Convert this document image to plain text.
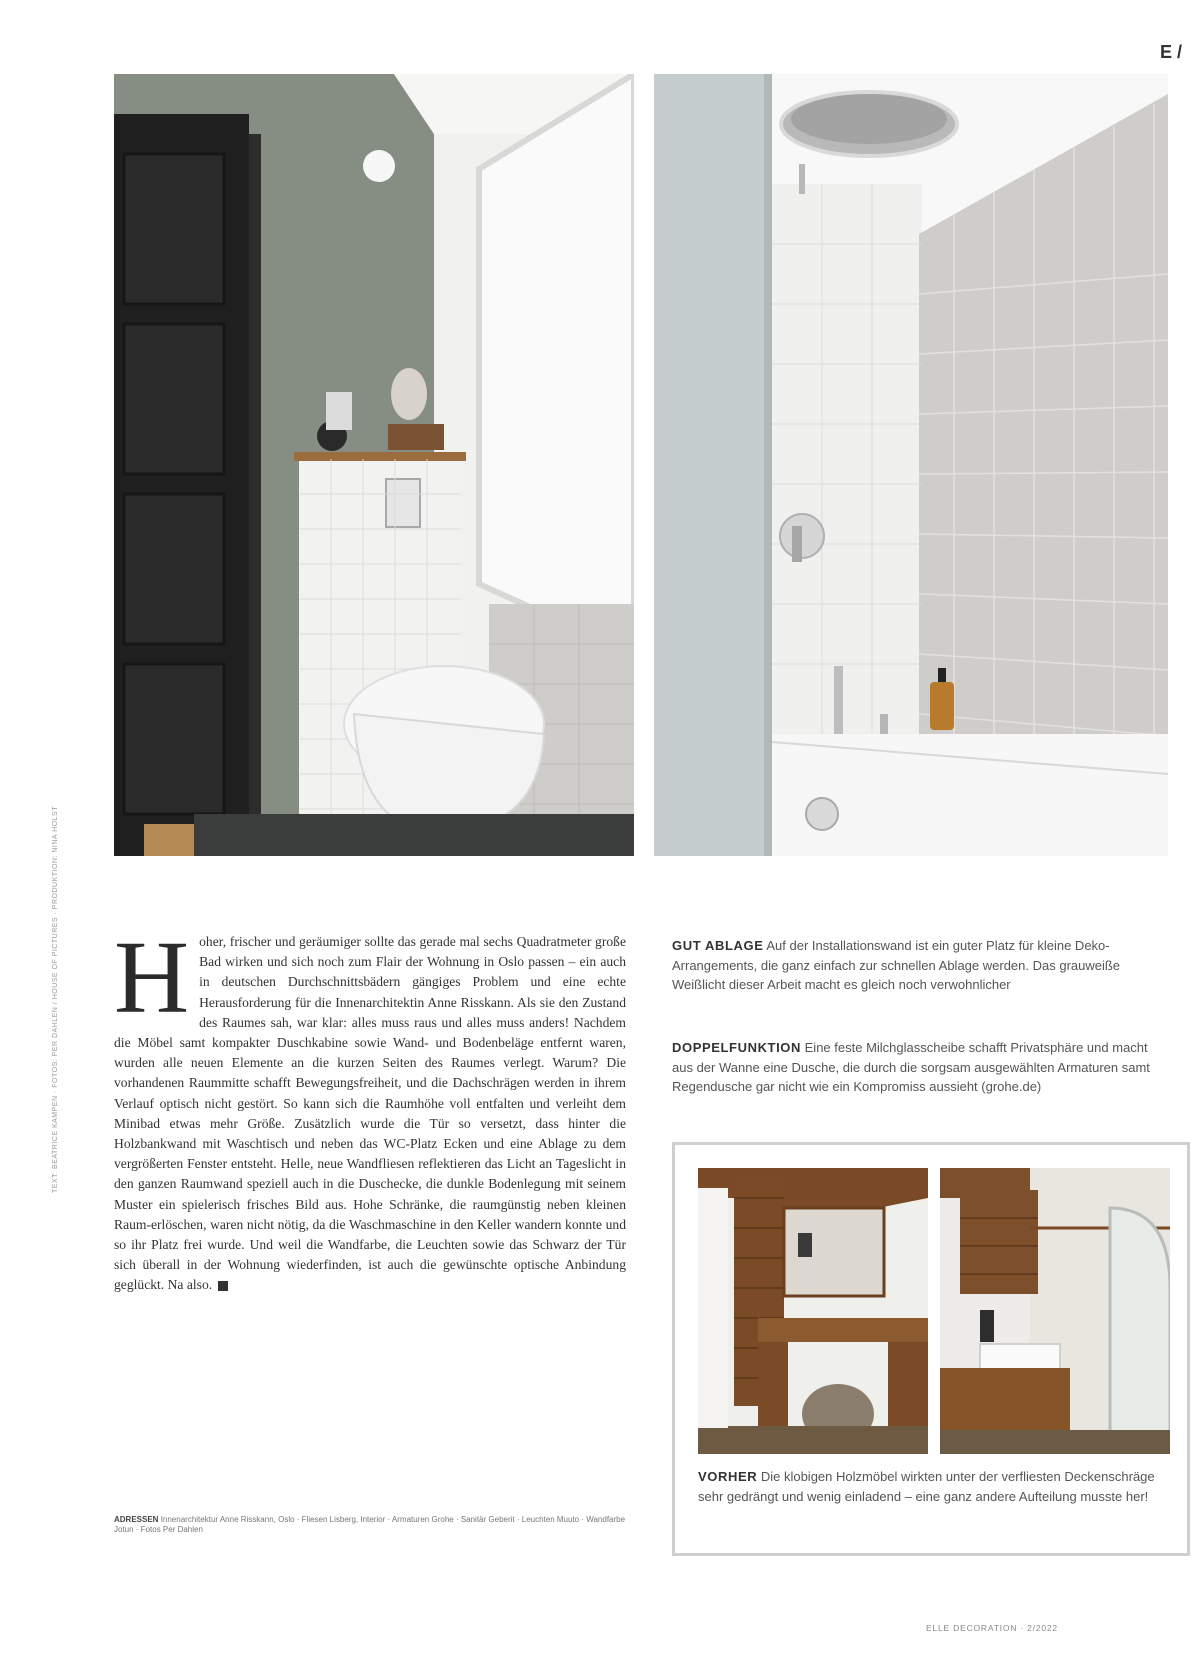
E /
Hoher, frischer und geräumiger sollte das gerade mal sechs Quadratmeter große Bad wirken und sich noch zum Flair der Wohnung in Oslo passen – ein auch in deutschen Durchschnittsbädern gängiges Problem und eine echte Herausforderung für die Innenarchitektin Anne Risskann. Als sie den Zustand des Raumes sah, war klar: alles muss raus und alles muss anders! Nachdem die Möbel samt kompakter Duschkabine sowie Wand- und Bodenbeläge entfernt waren, wurden alle neuen Elemente an die kurzen Seiten des Raumes verlegt. Warum? Die vorhandenen Raummitte schafft Bewegungsfreiheit, und die Dachschrägen werden in ihrem Verlauf optisch nicht gestört. So kann sich die Raumhöhe voll entfalten und verleiht dem Minibad etwas mehr Größe. Zusätzlich wurde die Tür so versetzt, dass hinter die Holzbankwand mit Waschtisch und neben das WC-Platz Ecken und eine Ablage zu dem vergrößerten Fenster entsteht. Helle, neue Wandfliesen reflektieren das Licht an Tageslicht in den ganzen Raumwand speziell auch in die Duschecke, die dunkle Bodenlegung mit seinem Muster ein spielerisch frisches Bild aus. Hohe Schränke, die raumgünstig neben kleinen Raum-erlöschen, waren nicht nötig, da die Waschmaschine in den Keller wandern konnte und so ihr Platz frei wurde. Und weil die Wandfarbe, die Leuchten sowie das Schwarz der Tür sich überall in der Wohnung wiederfinden, ist auch die gewünschte optische Anbindung geglückt. Na also.
ADRESSEN Innenarchitektur Anne Risskann, Oslo · Fliesen Lisberg, Interior · Armaturen Grohe · Sanitär Geberit · Leuchten Muuto · Wandfarbe Jotun · Fotos Per Dahlen
TEXT: BEATRICE KAMPEN · FOTOS: PER DAHLEN / HOUSE OF PICTURES · PRODUKTION: NINA HOLST	GUT ABLAGE Auf der Installationswand ist ein guter Platz für kleine Deko-Arrangements, die ganz einfach zur schnellen Ablage werden. Das grauweiße Weißlicht dieser Arbeit macht es gleich noch verwohnlicher
DOPPELFUNKTION Eine feste Milchglasscheibe schafft Privatsphäre und macht aus der Wanne eine Dusche, die durch die sorgsam ausgewählten Armaturen samt Regendusche gar nicht wie ein Kompromiss aussieht (grohe.de)
VORHER Die klobigen Holzmöbel wirkten unter der verfliesten Deckenschräge sehr gedrängt und wenig einladend – eine ganz andere Aufteilung musste her!
ELLE DECORATION · 2/2022
